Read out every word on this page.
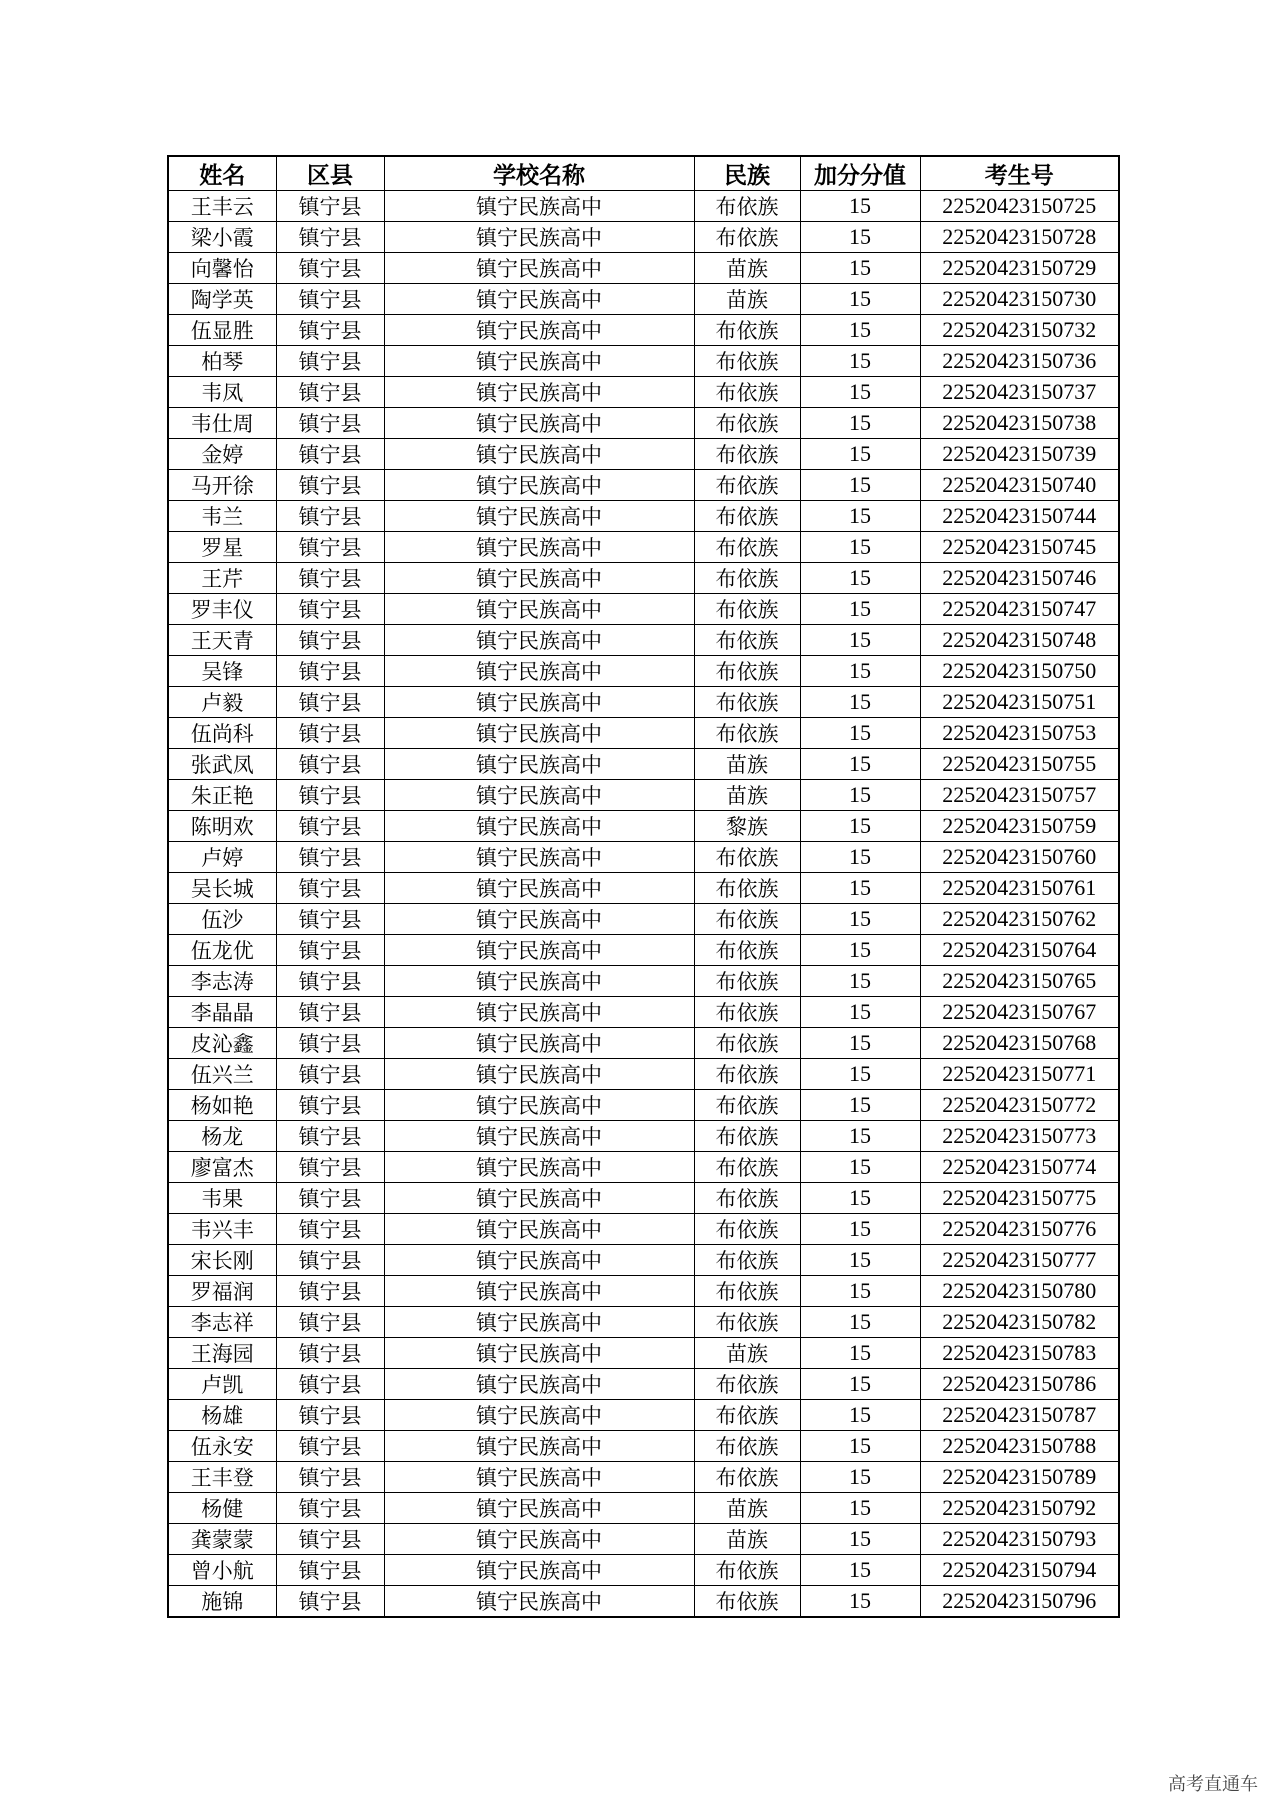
姓名	区县	学校名称	民族	加分分值	考生号
王丰云	镇宁县	镇宁民族高中	布依族	15	22520423150725
梁小霞	镇宁县	镇宁民族高中	布依族	15	22520423150728
向馨怡	镇宁县	镇宁民族高中	苗族	15	22520423150729
陶学英	镇宁县	镇宁民族高中	苗族	15	22520423150730
伍显胜	镇宁县	镇宁民族高中	布依族	15	22520423150732
柏琴	镇宁县	镇宁民族高中	布依族	15	22520423150736
韦凤	镇宁县	镇宁民族高中	布依族	15	22520423150737
韦仕周	镇宁县	镇宁民族高中	布依族	15	22520423150738
金婷	镇宁县	镇宁民族高中	布依族	15	22520423150739
马开徐	镇宁县	镇宁民族高中	布依族	15	22520423150740
韦兰	镇宁县	镇宁民族高中	布依族	15	22520423150744
罗星	镇宁县	镇宁民族高中	布依族	15	22520423150745
王芹	镇宁县	镇宁民族高中	布依族	15	22520423150746
罗丰仪	镇宁县	镇宁民族高中	布依族	15	22520423150747
王天青	镇宁县	镇宁民族高中	布依族	15	22520423150748
吴锋	镇宁县	镇宁民族高中	布依族	15	22520423150750
卢毅	镇宁县	镇宁民族高中	布依族	15	22520423150751
伍尚科	镇宁县	镇宁民族高中	布依族	15	22520423150753
张武凤	镇宁县	镇宁民族高中	苗族	15	22520423150755
朱正艳	镇宁县	镇宁民族高中	苗族	15	22520423150757
陈明欢	镇宁县	镇宁民族高中	黎族	15	22520423150759
卢婷	镇宁县	镇宁民族高中	布依族	15	22520423150760
吴长城	镇宁县	镇宁民族高中	布依族	15	22520423150761
伍沙	镇宁县	镇宁民族高中	布依族	15	22520423150762
伍龙优	镇宁县	镇宁民族高中	布依族	15	22520423150764
李志涛	镇宁县	镇宁民族高中	布依族	15	22520423150765
李晶晶	镇宁县	镇宁民族高中	布依族	15	22520423150767
皮沁鑫	镇宁县	镇宁民族高中	布依族	15	22520423150768
伍兴兰	镇宁县	镇宁民族高中	布依族	15	22520423150771
杨如艳	镇宁县	镇宁民族高中	布依族	15	22520423150772
杨龙	镇宁县	镇宁民族高中	布依族	15	22520423150773
廖富杰	镇宁县	镇宁民族高中	布依族	15	22520423150774
韦果	镇宁县	镇宁民族高中	布依族	15	22520423150775
韦兴丰	镇宁县	镇宁民族高中	布依族	15	22520423150776
宋长刚	镇宁县	镇宁民族高中	布依族	15	22520423150777
罗福润	镇宁县	镇宁民族高中	布依族	15	22520423150780
李志祥	镇宁县	镇宁民族高中	布依族	15	22520423150782
王海园	镇宁县	镇宁民族高中	苗族	15	22520423150783
卢凯	镇宁县	镇宁民族高中	布依族	15	22520423150786
杨雄	镇宁县	镇宁民族高中	布依族	15	22520423150787
伍永安	镇宁县	镇宁民族高中	布依族	15	22520423150788
王丰登	镇宁县	镇宁民族高中	布依族	15	22520423150789
杨健	镇宁县	镇宁民族高中	苗族	15	22520423150792
龚蒙蒙	镇宁县	镇宁民族高中	苗族	15	22520423150793
曾小航	镇宁县	镇宁民族高中	布依族	15	22520423150794
施锦	镇宁县	镇宁民族高中	布依族	15	22520423150796
高考直通车
